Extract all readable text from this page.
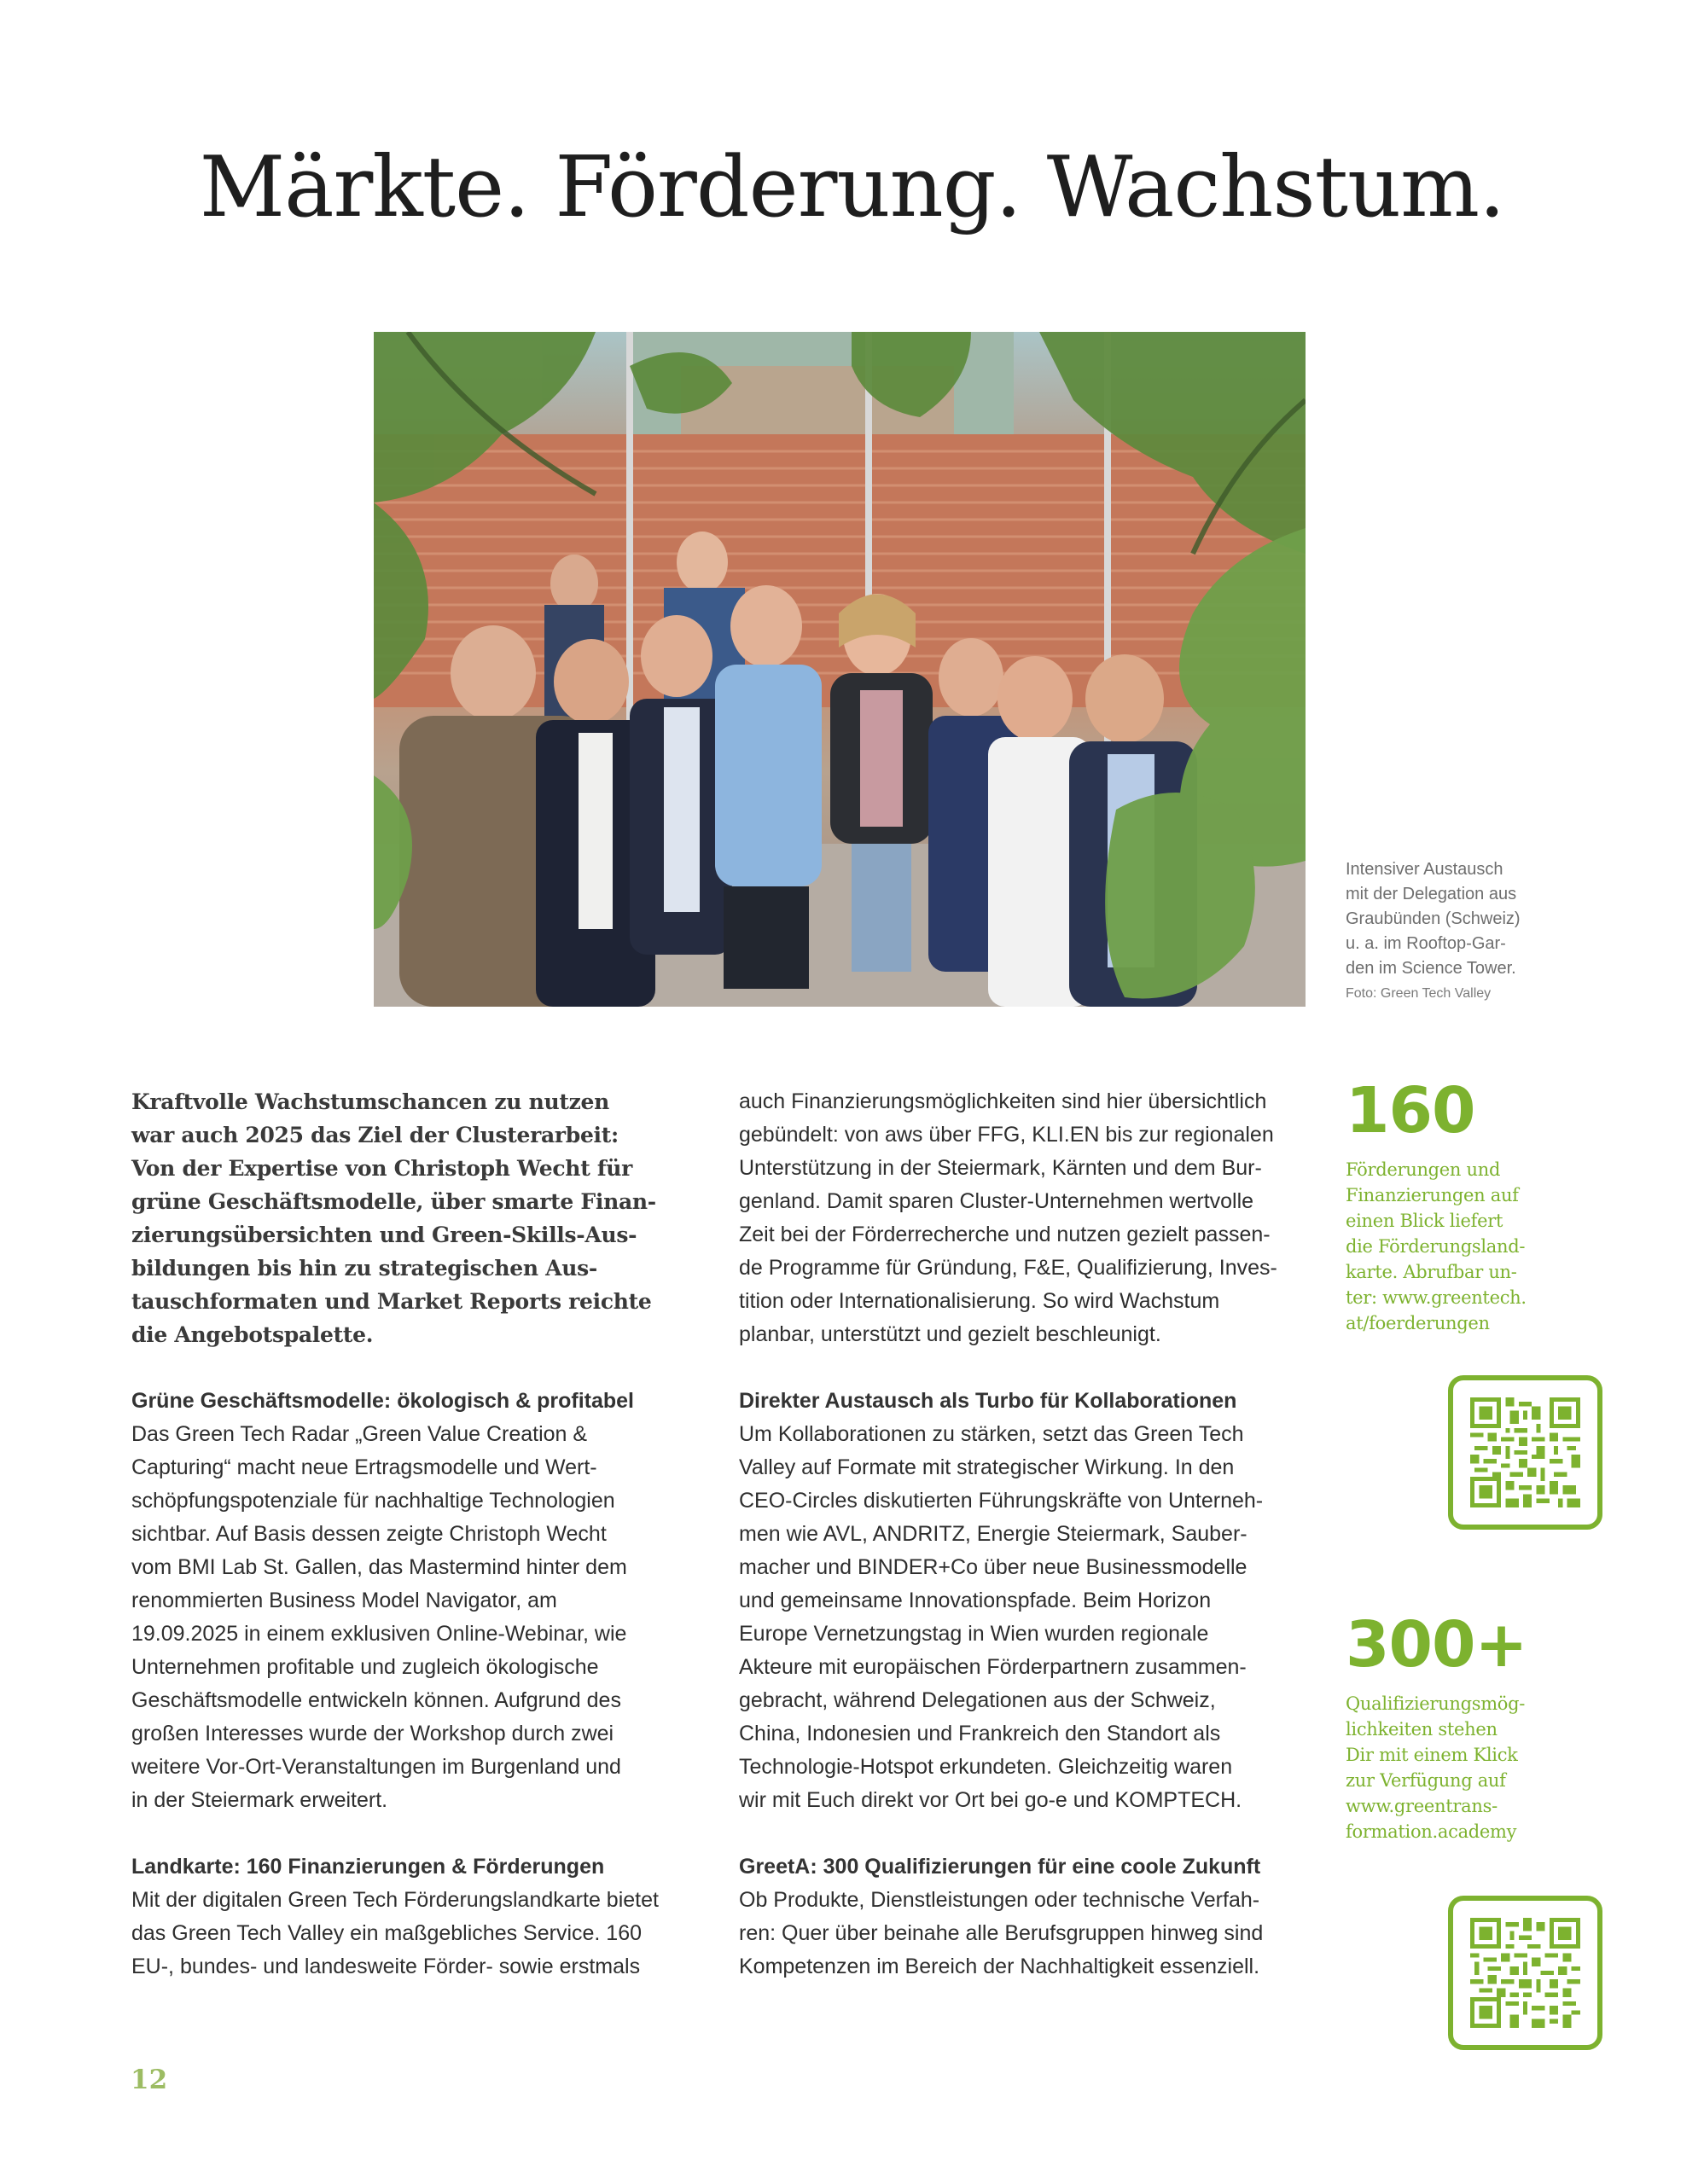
Märkte. Förderung. Wachstum.
Intensiver Austausch
mit der Delegation aus
Graubünden (Schweiz)
u. a. im Rooftop-Gar-
den im Science Tower.
Foto: Green Tech Valley
Kraftvolle Wachstumschancen zu nutzen
war auch 2025 das Ziel der Clusterarbeit:
Von der Expertise von Christoph Wecht für
grüne Geschäftsmodelle, über smarte Finan-
zierungsübersichten und Green-Skills-Aus-
bildungen bis hin zu strategischen Aus-
tauschformaten und Market Reports reichte
die Angebotspalette.
Grüne Geschäftsmodelle: ökologisch & profitabel
Das Green Tech Radar „Green Value Creation &
Capturing“ macht neue Ertragsmodelle und Wert-
schöpfungspotenziale für nachhaltige Technologien
sichtbar. Auf Basis dessen zeigte Christoph Wecht
vom BMI Lab St. Gallen, das Mastermind hinter dem
renommierten Business Model Navigator, am
19.09.2025 in einem exklusiven Online-Webinar, wie
Unternehmen profitable und zugleich ökologische
Geschäftsmodelle entwickeln können. Aufgrund des
großen Interesses wurde der Workshop durch zwei
weitere Vor-Ort-Veranstaltungen im Burgenland und
in der Steiermark erweitert.
Landkarte: 160 Finanzierungen & Förderungen
Mit der digitalen Green Tech Förderungslandkarte bietet
das Green Tech Valley ein maßgebliches Service. 160
EU-, bundes- und landesweite Förder- sowie erstmals
auch Finanzierungsmöglichkeiten sind hier übersichtlich
gebündelt: von aws über FFG, KLI.EN bis zur regionalen
Unterstützung in der Steiermark, Kärnten und dem Bur-
genland. Damit sparen Cluster-Unternehmen wertvolle
Zeit bei der Förderrecherche und nutzen gezielt passen-
de Programme für Gründung, F&E, Qualifizierung, Inves-
tition oder Internationalisierung. So wird Wachstum
planbar, unterstützt und gezielt beschleunigt.
Direkter Austausch als Turbo für Kollaborationen
Um Kollaborationen zu stärken, setzt das Green Tech
Valley auf Formate mit strategischer Wirkung. In den
CEO-Circles diskutierten Führungskräfte von Unterneh-
men wie AVL, ANDRITZ, Energie Steiermark, Sauber-
macher und BINDER+Co über neue Businessmodelle
und gemeinsame Innovationspfade. Beim Horizon
Europe Vernetzungstag in Wien wurden regionale
Akteure mit europäischen Förderpartnern zusammen-
gebracht, während Delegationen aus der Schweiz,
China, Indonesien und Frankreich den Standort als
Technologie-Hotspot erkundeten. Gleichzeitig waren
wir mit Euch direkt vor Ort bei go-e und KOMPTECH.
GreetA: 300 Qualifizierungen für eine coole Zukunft
Ob Produkte, Dienstleistungen oder technische Verfah-
ren: Quer über beinahe alle Berufsgruppen hinweg sind
Kompetenzen im Bereich der Nachhaltigkeit essenziell.
160
Förderungen und
Finanzierungen auf
einen Blick liefert
die Förderungsland-
karte. Abrufbar un-
ter: www.greentech.
at/foerderungen
300+
Qualifizierungsmög-
lichkeiten stehen
Dir mit einem Klick
zur Verfügung auf
www.greentrans-
formation.academy
12
